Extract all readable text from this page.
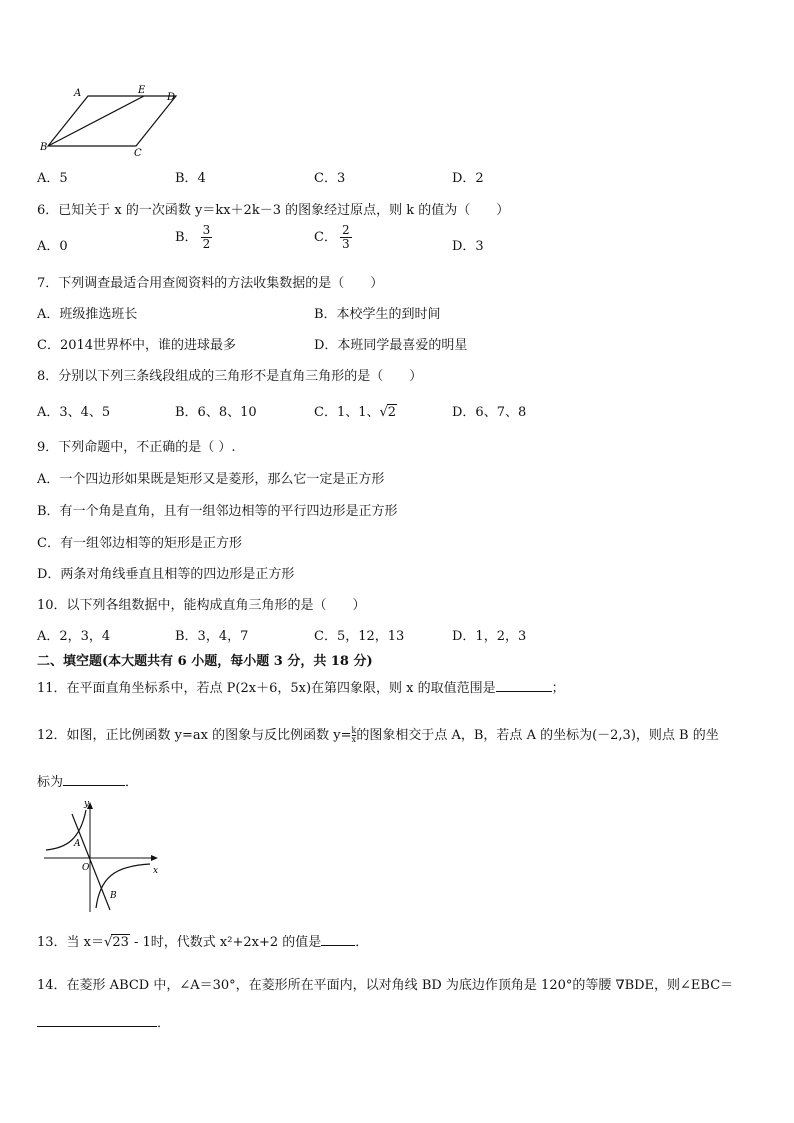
A	E
D
B
C
A．5	B．4	C．3	D．2
6．已知关于 x 的一次函数 y＝kx＋2k－3 的图象经过原点，则 k 的值为（　　）
A．0
B． $\frac{3}{2}$	C． $\frac{2}{3}$	D．3
7．下列调查最适合用查阅资料的方法收集数据的是（　　）
A．班级推选班长	B．本校学生的到时间
C．2014世界杯中，谁的进球最多	D．本班同学最喜爱的明星
8．分别以下列三条线段组成的三角形不是直角三角形的是（　　）
A．3、4、5	B．6、8、10	C．1、1、√2	D．6、7、8
9．下列命题中，不正确的是（ ）.
A．一个四边形如果既是矩形又是菱形，那么它一定是正方形
B．有一个角是直角，且有一组邻边相等的平行四边形是正方形
C．有一组邻边相等的矩形是正方形
D．两条对角线垂直且相等的四边形是正方形
10．以下列各组数据中，能构成直角三角形的是（　　）
A．2，3，4	B．3，4，7	C．5，12，13	D．1，2，3
二、填空题(本大题共有 6 小题，每小题 3 分，共 18 分)
11．在平面直角坐标系中，若点 P(2x＋6，5x)在第四象限，则 x 的取值范围是	；
12．如图，正比例函数 y=ax 的图象与反比例函数 $y= \frac{k}{x}$ 的图象相交于点 A，B，若点 A 的坐标为(－2,3)，则点 B 的坐
标为	．
y
x
A
O
B
13．当 x＝√23 - 1时，代数式 x²+2x+2 的值是	．
14．在菱形 ABCD 中，∠A＝30°，在菱形所在平面内，以对角线 BD 为底边作顶角是 120°的等腰 ∇BDE，则∠EBC＝
．
